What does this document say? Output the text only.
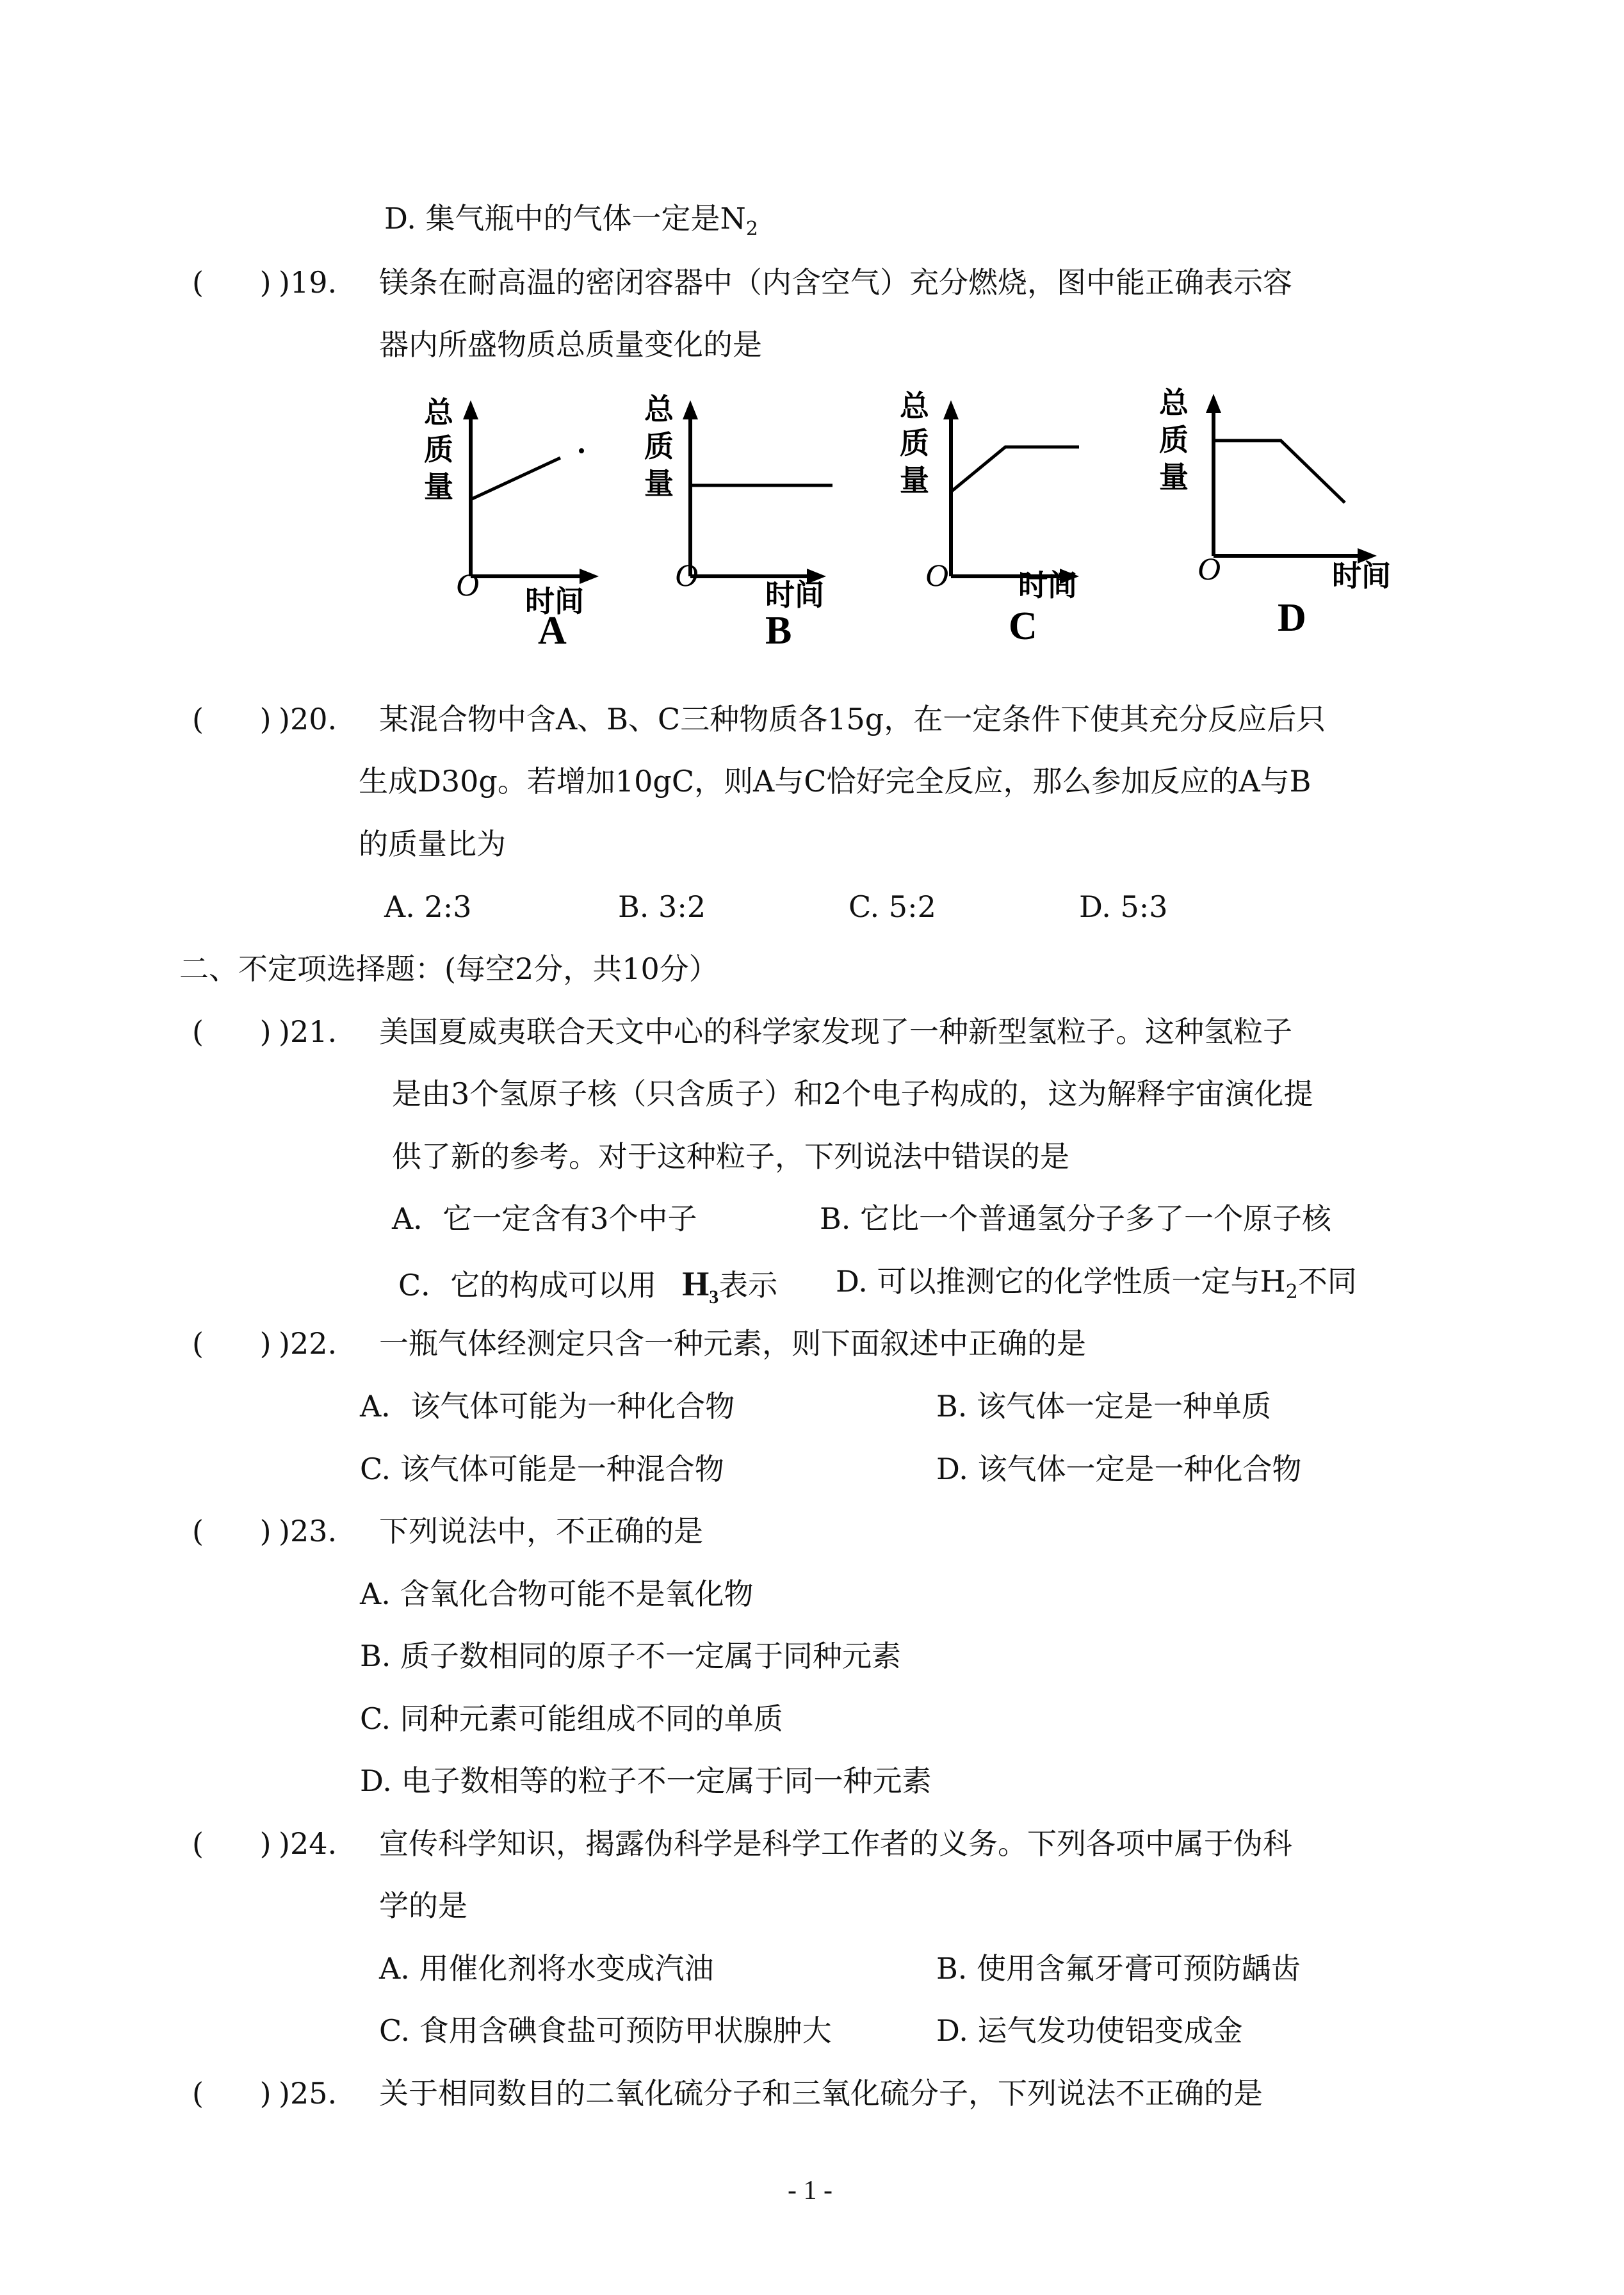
D. 集气瓶中的气体一定是$N_2$
(      ) )19. 镁条在耐高温的密闭容器中（内含空气）充分燃烧，图中能正确表示容
器内所盛物质总质量变化的是
总
质
量
O 时间
A
总
质
量
O
时间
B
总
质
量
O 时间
C
总
质
量
O	时间
D
(      ) )20. 某混合物中含A、B、C三种物质各15g，在一定条件下使其充分反应后只
生成D30g。若增加10gC，则A与C恰好完全反应，那么参加反应的A与B
的质量比为
A. 2:3	B. 3:2	C. 5:2	D. 5:3
二、不定项选择题：(每空2分，共10分）
(      ) )21. 美国夏威夷联合天文中心的科学家发现了一种新型氢粒子。这种氢粒子
是由3个氢原子核（只含质子）和2个电子构成的，这为解释宇宙演化提
供了新的参考。对于这种粒子，下列说法中错误的是
A．它一定含有3个中子	B. 它比一个普通氢分子多了一个原子核
C．它的构成可以用 $H_3$表示 D. 可以推测它的化学性质一定与$H_2$不同
(      ) )22. 一瓶气体经测定只含一种元素，则下面叙述中正确的是
A．该气体可能为一种化合物	B. 该气体一定是一种单质
C. 该气体可能是一种混合物	D. 该气体一定是一种化合物
(      ) )23. 下列说法中，不正确的是
A. 含氧化合物可能不是氧化物
B. 质子数相同的原子不一定属于同种元素
C. 同种元素可能组成不同的单质
D. 电子数相等的粒子不一定属于同一种元素
(      ) )24. 宣传科学知识，揭露伪科学是科学工作者的义务。下列各项中属于伪科
学的是
A. 用催化剂将水变成汽油	B. 使用含氟牙膏可预防龋齿
C. 食用含碘食盐可预防甲状腺肿大	D. 运气发功使铝变成金
(      ) )25. 关于相同数目的二氧化硫分子和三氧化硫分子，下列说法不正确的是
- 1 -
